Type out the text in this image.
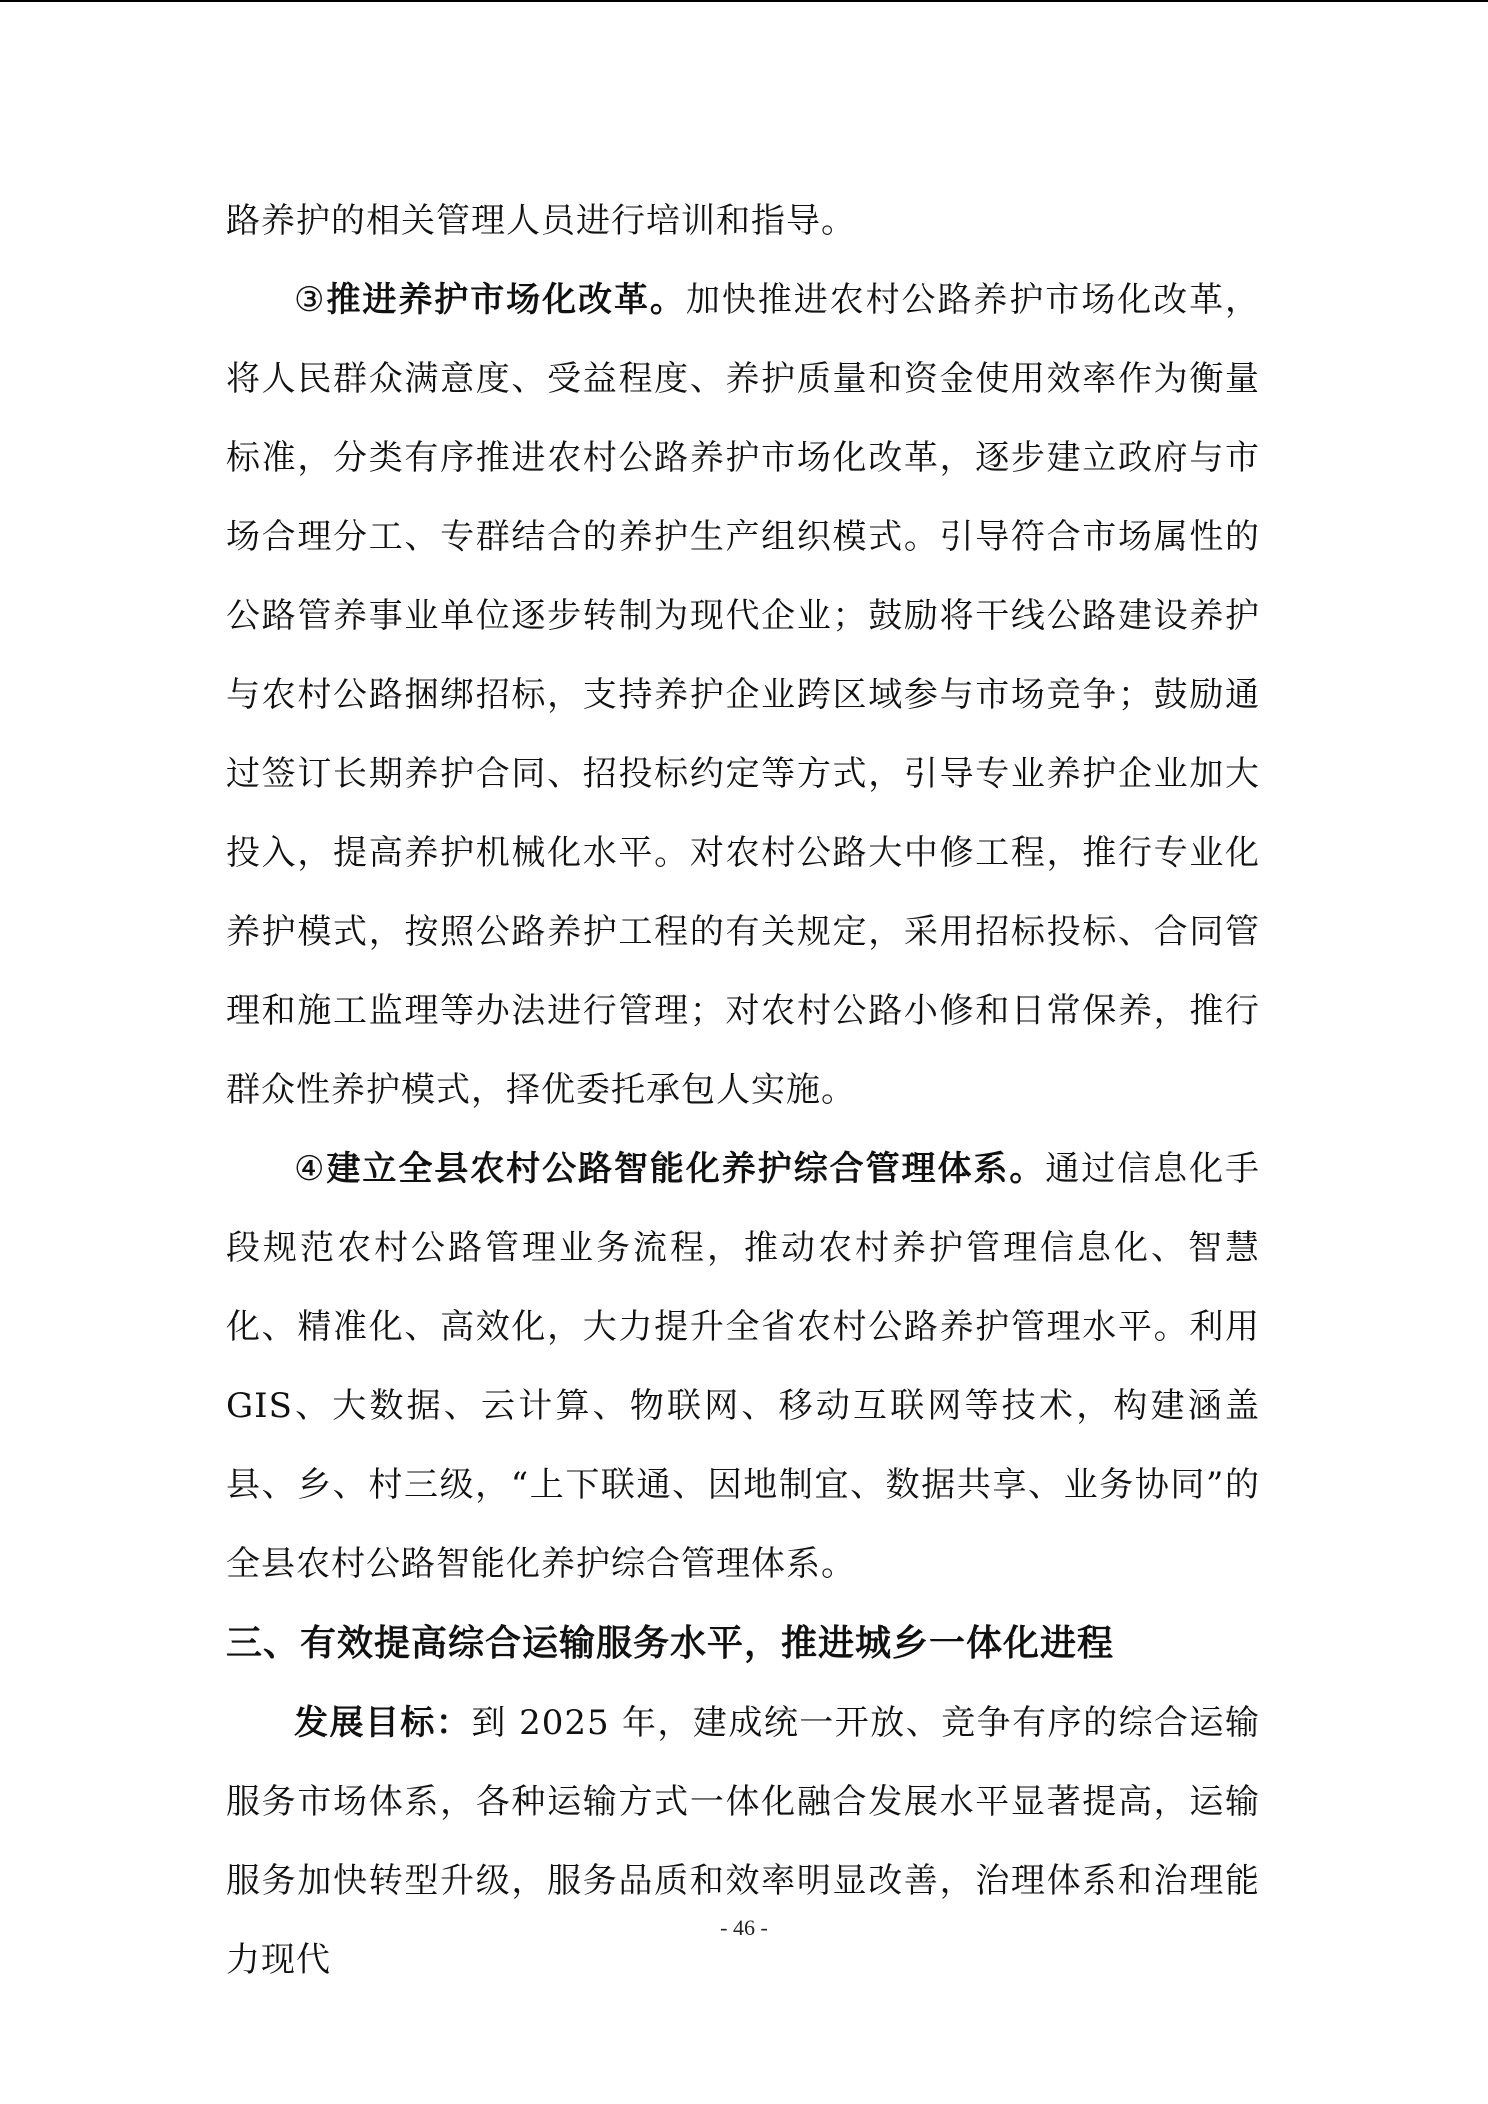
路养护的相关管理人员进行培训和指导。

③推进养护市场化改革。加快推进农村公路养护市场化改革，将人民群众满意度、受益程度、养护质量和资金使用效率作为衡量标准，分类有序推进农村公路养护市场化改革，逐步建立政府与市场合理分工、专群结合的养护生产组织模式。引导符合市场属性的公路管养事业单位逐步转制为现代企业；鼓励将干线公路建设养护与农村公路捆绑招标，支持养护企业跨区域参与市场竞争；鼓励通过签订长期养护合同、招投标约定等方式，引导专业养护企业加大投入，提高养护机械化水平。对农村公路大中修工程，推行专业化养护模式，按照公路养护工程的有关规定，采用招标投标、合同管理和施工监理等办法进行管理；对农村公路小修和日常保养，推行群众性养护模式，择优委托承包人实施。

④建立全县农村公路智能化养护综合管理体系。通过信息化手段规范农村公路管理业务流程，推动农村养护管理信息化、智慧化、精准化、高效化，大力提升全省农村公路养护管理水平。利用 GIS、大数据、云计算、物联网、移动互联网等技术，构建涵盖县、乡、村三级，“上下联通、因地制宜、数据共享、业务协同”的全县农村公路智能化养护综合管理体系。

三、有效提高综合运输服务水平，推进城乡一体化进程

发展目标：到 2025 年，建成统一开放、竞争有序的综合运输服务市场体系，各种运输方式一体化融合发展水平显著提高，运输服务加快转型升级，服务品质和效率明显改善，治理体系和治理能力现代

- 46 -
